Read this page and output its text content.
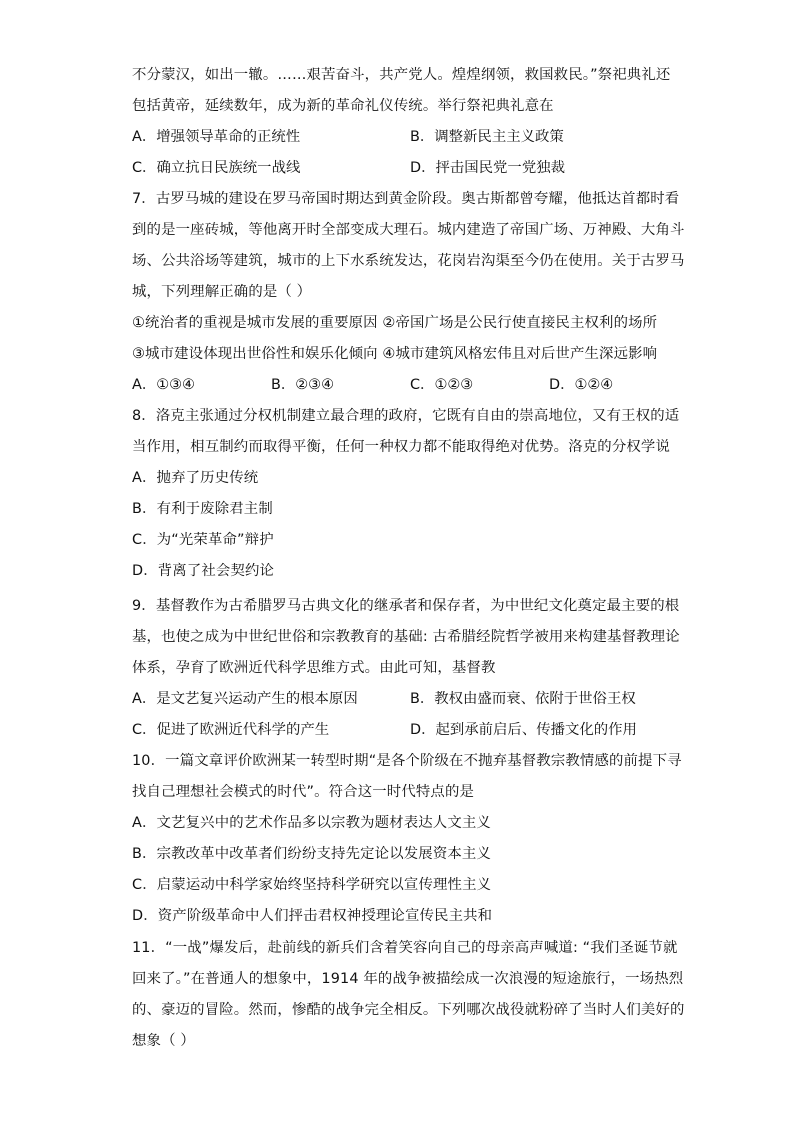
不分蒙汉，如出一辙。……艰苦奋斗，共产党人。煌煌纲领，救国救民。”祭祀典礼还
包括黄帝，延续数年，成为新的革命礼仪传统。举行祭祀典礼意在
A．增强领导革命的正统性	B．调整新民主主义政策
C．确立抗日民族统一战线	D．抨击国民党一党独裁
7．古罗马城的建设在罗马帝国时期达到黄金阶段。奥古斯都曾夸耀，他抵达首都时看
到的是一座砖城，等他离开时全部变成大理石。城内建造了帝国广场、万神殿、大角斗
场、公共浴场等建筑，城市的上下水系统发达，花岗岩沟渠至今仍在使用。关于古罗马
城，下列理解正确的是（ ）
①统治者的重视是城市发展的重要原因 ②帝国广场是公民行使直接民主权利的场所
③城市建设体现出世俗性和娱乐化倾向 ④城市建筑风格宏伟且对后世产生深远影响
A．①③④	B．②③④	C．①②③	D．①②④
8．洛克主张通过分权机制建立最合理的政府，它既有自由的崇高地位，又有王权的适
当作用，相互制约而取得平衡，任何一种权力都不能取得绝对优势。洛克的分权学说
A．抛弃了历史传统
B．有利于废除君主制
C．为“光荣革命”辩护
D．背离了社会契约论
9．基督教作为古希腊罗马古典文化的继承者和保存者，为中世纪文化奠定最主要的根
基，也使之成为中世纪世俗和宗教教育的基础: 古希腊经院哲学被用来构建基督教理论
体系，孕育了欧洲近代科学思维方式。由此可知，基督教
A．是文艺复兴运动产生的根本原因	B．教权由盛而衰、依附于世俗王权
C．促进了欧洲近代科学的产生	D．起到承前启后、传播文化的作用
10．一篇文章评价欧洲某一转型时期“是各个阶级在不抛弃基督教宗教情感的前提下寻
找自己理想社会模式的时代”。符合这一时代特点的是
A．文艺复兴中的艺术作品多以宗教为题材表达人文主义
B．宗教改革中改革者们纷纷支持先定论以发展资本主义
C．启蒙运动中科学家始终坚持科学研究以宣传理性主义
D．资产阶级革命中人们抨击君权神授理论宣传民主共和
11．“一战”爆发后，赴前线的新兵们含着笑容向自己的母亲高声喊道: “我们圣诞节就
回来了。”在普通人的想象中，1914 年的战争被描绘成一次浪漫的短途旅行，一场热烈
的、豪迈的冒险。然而，惨酷的战争完全相反。下列哪次战役就粉碎了当时人们美好的
想象（ ）
